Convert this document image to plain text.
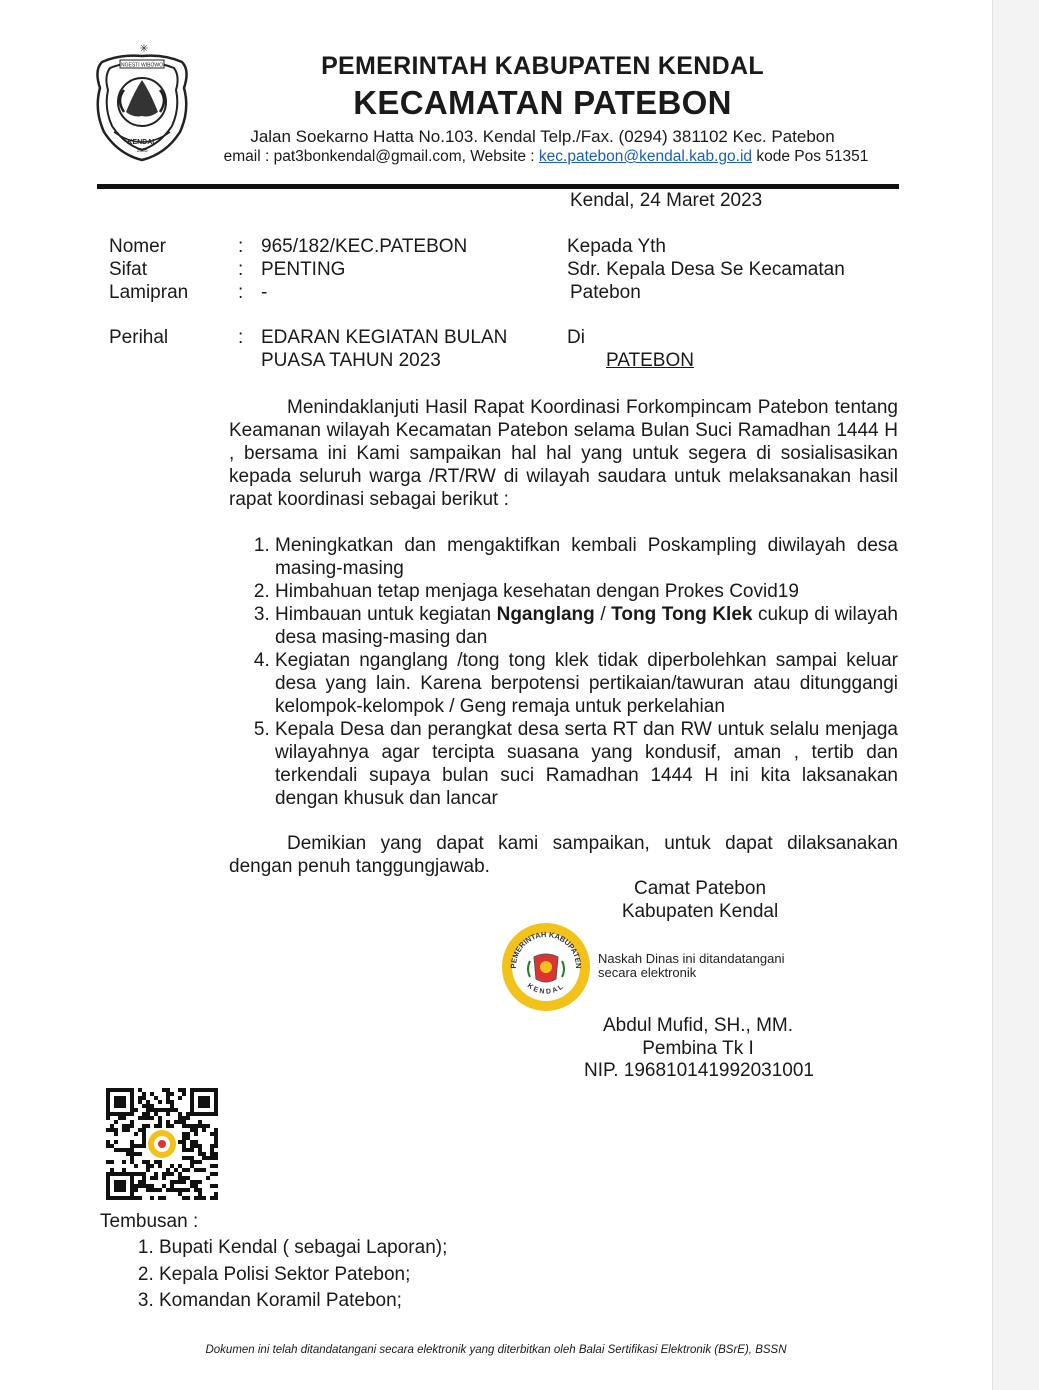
✳
NGESTI WIBOWO
KENDAL
1605
PEMERINTAH KABUPATEN KENDAL
KECAMATAN PATEBON
Jalan Soekarno Hatta No.103. Kendal Telp./Fax. (0294) 381102 Kec. Patebon
email : pat3bonkendal@gmail.com, Website : kec.patebon@kendal.kab.go.id kode Pos 51351
Kendal, 24 Maret 2023
Nomer	: 965/182/KEC.PATEBON
Sifat	: PENTING
Lamipran	: -
Perihal	: EDARAN KEGIATAN BULAN
PUASA TAHUN 2023
Kepada Yth
Sdr. Kepala Desa Se Kecamatan
Patebon
Di
PATEBON

Menindaklanjuti Hasil Rapat Koordinasi Forkompincam Patebon tentang Keamanan wilayah Kecamatan Patebon selama Bulan Suci Ramadhan 1444 H , bersama ini Kami sampaikan hal hal yang untuk segera di sosialisasikan kepada seluruh warga /RT/RW di wilayah saudara untuk melaksanakan hasil rapat koordinasi sebagai berikut :

1. Meningkatkan dan mengaktifkan kembali Poskampling diwilayah desa masing-masing
2. Himbahuan tetap menjaga kesehatan dengan Prokes Covid19
3. Himbauan untuk kegiatan Nganglang / Tong Tong Klek cukup di wilayah desa masing-masing dan
4. Kegiatan nganglang /tong tong klek tidak diperbolehkan sampai keluar desa yang lain. Karena berpotensi pertikaian/tawuran atau ditunggangi kelompok-kelompok / Geng remaja untuk perkelahian
5. Kepala Desa dan perangkat desa serta RT dan RW untuk selalu menjaga wilayahnya agar tercipta suasana yang kondusif, aman , tertib dan terkendali supaya bulan suci Ramadhan 1444 H ini kita laksanakan dengan khusuk dan lancar

Demikian yang dapat kami sampaikan, untuk dapat dilaksanakan dengan penuh tanggungjawab.

Camat Patebon
Kabupaten Kendal
PEMERINTAH KABUPATEN
KENDAL
Naskah Dinas ini ditandatangani
secara elektronik
Abdul Mufid, SH., MM.
Pembina Tk I
NIP. 196810141992031001
Tembusan :
1. Bupati Kendal ( sebagai Laporan);
2. Kepala Polisi Sektor Patebon;
3. Komandan Koramil Patebon;
Dokumen ini telah ditandatangani secara elektronik yang diterbitkan oleh Balai Sertifikasi Elektronik (BSrE), BSSN
